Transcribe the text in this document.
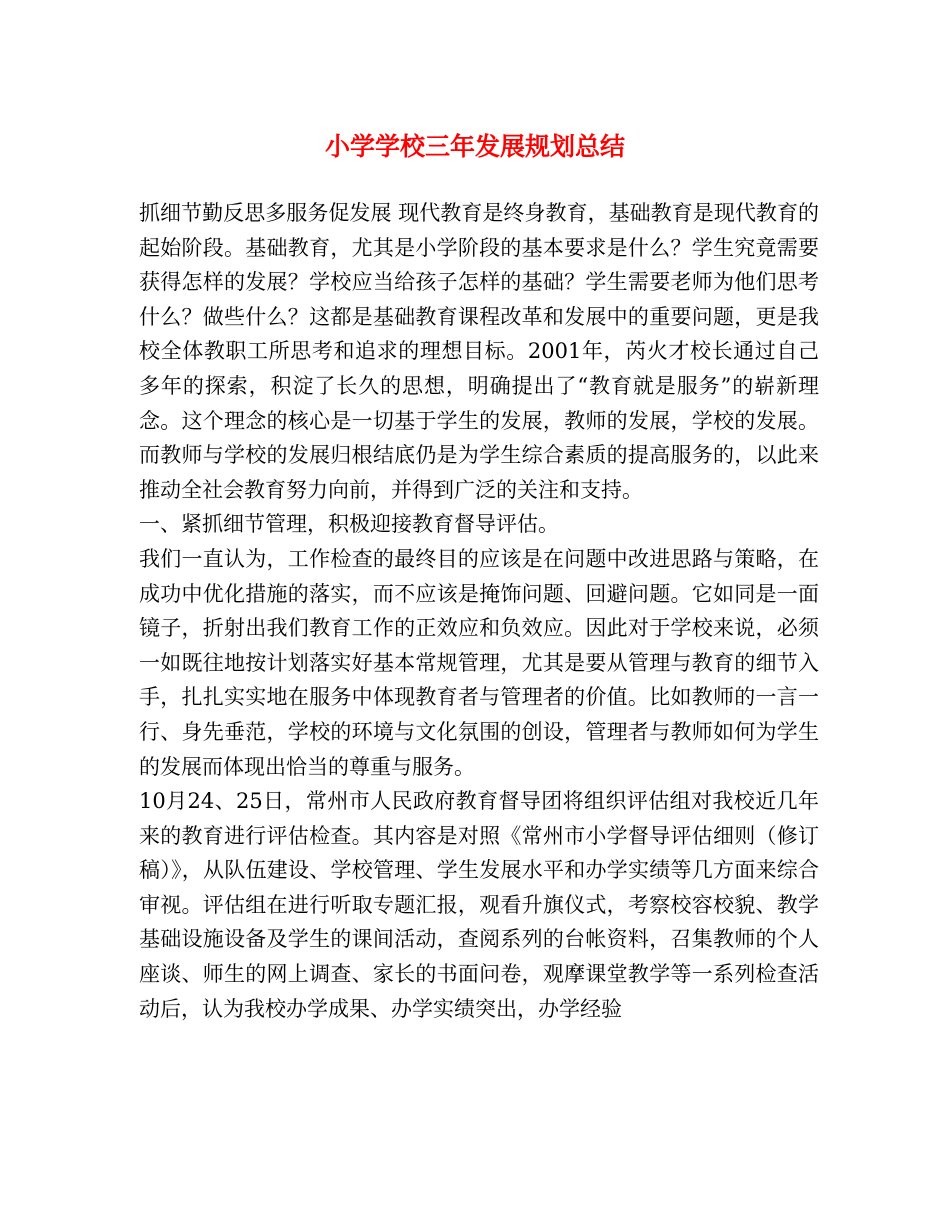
小学学校三年发展规划总结

抓细节勤反思多服务促发展 现代教育是终身教育，基础教育是现代教育的起始阶段。基础教育，尤其是小学阶段的基本要求是什么？学生究竟需要获得怎样的发展？学校应当给孩子怎样的基础？学生需要老师为他们思考什么？做些什么？这都是基础教育课程改革和发展中的重要问题，更是我校全体教职工所思考和追求的理想目标。2001年，芮火才校长通过自己多年的探索，积淀了长久的思想，明确提出了“教育就是服务”的崭新理念。这个理念的核心是一切基于学生的发展，教师的发展，学校的发展。而教师与学校的发展归根结底仍是为学生综合素质的提高服务的，以此来推动全社会教育努力向前，并得到广泛的关注和支持。

一、紧抓细节管理，积极迎接教育督导评估。

我们一直认为，工作检查的最终目的应该是在问题中改进思路与策略，在成功中优化措施的落实，而不应该是掩饰问题、回避问题。它如同是一面镜子，折射出我们教育工作的正效应和负效应。因此对于学校来说，必须一如既往地按计划落实好基本常规管理，尤其是要从管理与教育的细节入手，扎扎实实地在服务中体现教育者与管理者的价值。比如教师的一言一行、身先垂范，学校的环境与文化氛围的创设，管理者与教师如何为学生的发展而体现出恰当的尊重与服务。

10月24、25日，常州市人民政府教育督导团将组织评估组对我校近几年来的教育进行评估检查。其内容是对照《常州市小学督导评估细则（修订稿）》，从队伍建设、学校管理、学生发展水平和办学实绩等几方面来综合审视。评估组在进行听取专题汇报，观看升旗仪式，考察校容校貌、教学基础设施设备及学生的课间活动，查阅系列的台帐资料，召集教师的个人座谈、师生的网上调查、家长的书面问卷，观摩课堂教学等一系列检查活动后，认为我校办学成果、办学实绩突出，办学经验
